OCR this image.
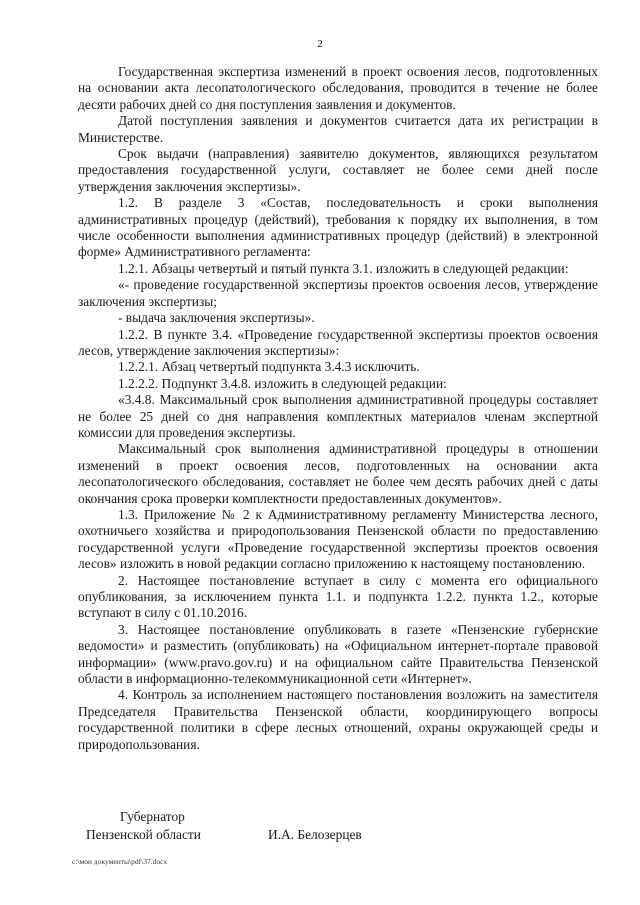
2

Государственная экспертиза изменений в проект освоения лесов, подготовленных на основании акта лесопатологического обследования, проводится в течение не более десяти рабочих дней со дня поступления заявления и документов.

Датой поступления заявления и документов считается дата их регистрации в Министерстве.

Срок выдачи (направления) заявителю документов, являющихся результатом предоставления государственной услуги, составляет не более семи дней после утверждения заключения экспертизы».

1.2. В разделе 3 «Состав, последовательность и сроки выполнения административных процедур (действий), требования к порядку их выполнения, в том числе особенности выполнения административных процедур (действий) в электронной форме» Административного регламента:

1.2.1. Абзацы четвертый и пятый пункта 3.1. изложить в следующей редакции:

«- проведение государственной экспертизы проектов освоения лесов, утверждение заключения экспертизы;

- выдача заключения экспертизы».

1.2.2. В пункте 3.4. «Проведение государственной экспертизы проектов освоения лесов, утверждение заключения экспертизы»:

1.2.2.1. Абзац четвертый подпункта 3.4.3 исключить.

1.2.2.2. Подпункт 3.4.8. изложить в следующей редакции:

«3.4.8. Максимальный срок выполнения административной процедуры составляет не более 25 дней со дня направления комплектных материалов членам экспертной комиссии для проведения экспертизы.

Максимальный срок выполнения административной процедуры в отношении изменений в проект освоения лесов, подготовленных на основании акта лесопатологического обследования, составляет не более чем десять рабочих дней с даты окончания срока проверки комплектности предоставленных документов».

1.3. Приложение № 2 к Административному регламенту Министерства лесного, охотничьего хозяйства и природопользования Пензенской области по предоставлению государственной услуги «Проведение государственной экспертизы проектов освоения лесов» изложить в новой редакции согласно приложению к настоящему постановлению.

2. Настоящее постановление вступает в силу с момента его официального опубликования, за исключением пункта 1.1. и подпункта 1.2.2. пункта 1.2., которые вступают в силу с 01.10.2016.

3. Настоящее постановление опубликовать в газете «Пензенские губернские ведомости» и разместить (опубликовать) на «Официальном интернет-портале правовой информации» (www.pravo.gov.ru) и на официальном сайте Правительства Пензенской области в информационно-телекоммуникационной сети «Интернет».

4. Контроль за исполнением настоящего постановления возложить на заместителя Председателя Правительства Пензенской области, координирующего вопросы государственной политики в сфере лесных отношений, охраны окружающей среды и природопользования.

Губернатор
Пензенской области	И.А. Белозерцев
c:\мои документы\pdf\37.docx
